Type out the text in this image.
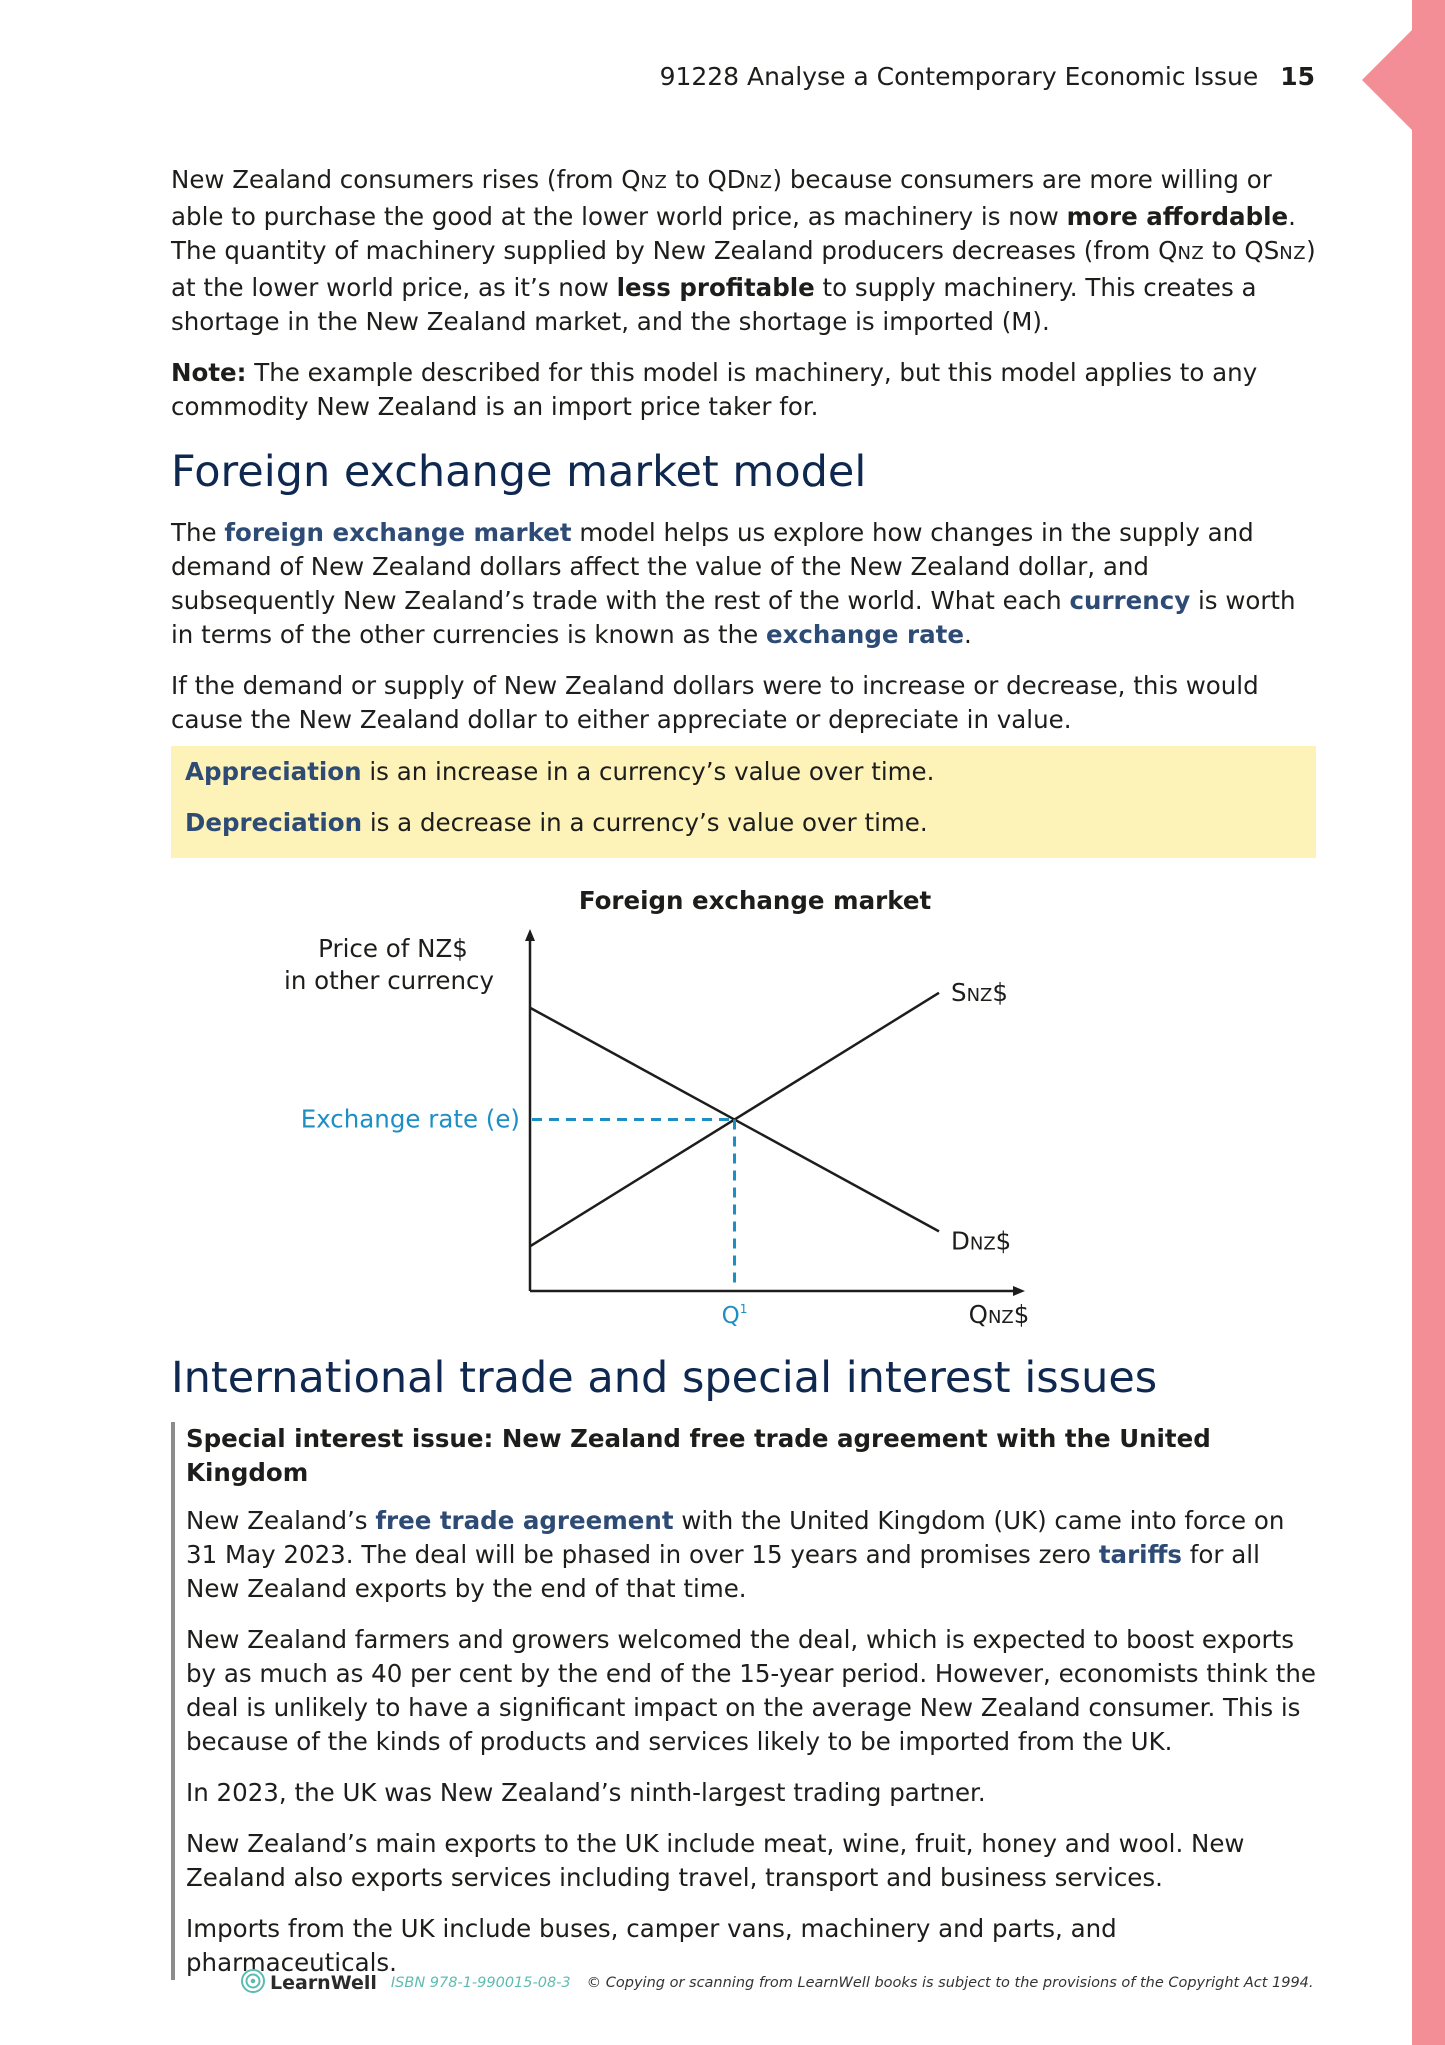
91228 Analyse a Contemporary Economic Issue 15

New Zealand consumers rises (from QNZ to QDNZ) because consumers are more willing or able to purchase the good at the lower world price, as machinery is now more affordable. The quantity of machinery supplied by New Zealand producers decreases (from QNZ to QSNZ) at the lower world price, as it’s now less profitable to supply machinery. This creates a shortage in the New Zealand market, and the shortage is imported (M).

Note: The example described for this model is machinery, but this model applies to any commodity New Zealand is an import price taker for.

Foreign exchange market model

The foreign exchange market model helps us explore how changes in the supply and demand of New Zealand dollars affect the value of the New Zealand dollar, and subsequently New Zealand’s trade with the rest of the world. What each currency is worth in terms of the other currencies is known as the exchange rate.

If the demand or supply of New Zealand dollars were to increase or decrease, this would cause the New Zealand dollar to either appreciate or depreciate in value.

Appreciation is an increase in a currency’s value over time.

Depreciation is a decrease in a currency’s value over time.

Foreign exchange market
Price of NZ$
in other currency
Exchange rate (e)
$Q^1$
SNZ$
DNZ$
QNZ$
International trade and special interest issues
Special interest issue: New Zealand free trade agreement with the United Kingdom

New Zealand’s free trade agreement with the United Kingdom (UK) came into force on 31 May 2023. The deal will be phased in over 15 years and promises zero tariffs for all New Zealand exports by the end of that time.

New Zealand farmers and growers welcomed the deal, which is expected to boost exports by as much as 40 per cent by the end of the 15-year period. However, economists think the deal is unlikely to have a significant impact on the average New Zealand consumer. This is because of the kinds of products and services likely to be imported from the UK.

In 2023, the UK was New Zealand’s ninth-largest trading partner.

New Zealand’s main exports to the UK include meat, wine, fruit, honey and wool. New Zealand also exports services including travel, transport and business services.

Imports from the UK include buses, camper vans, machinery and parts, and pharmaceuticals.

LearnWell ISBN 978-1-990015-08-3 © Copying or scanning from LearnWell books is subject to the provisions of the Copyright Act 1994.
